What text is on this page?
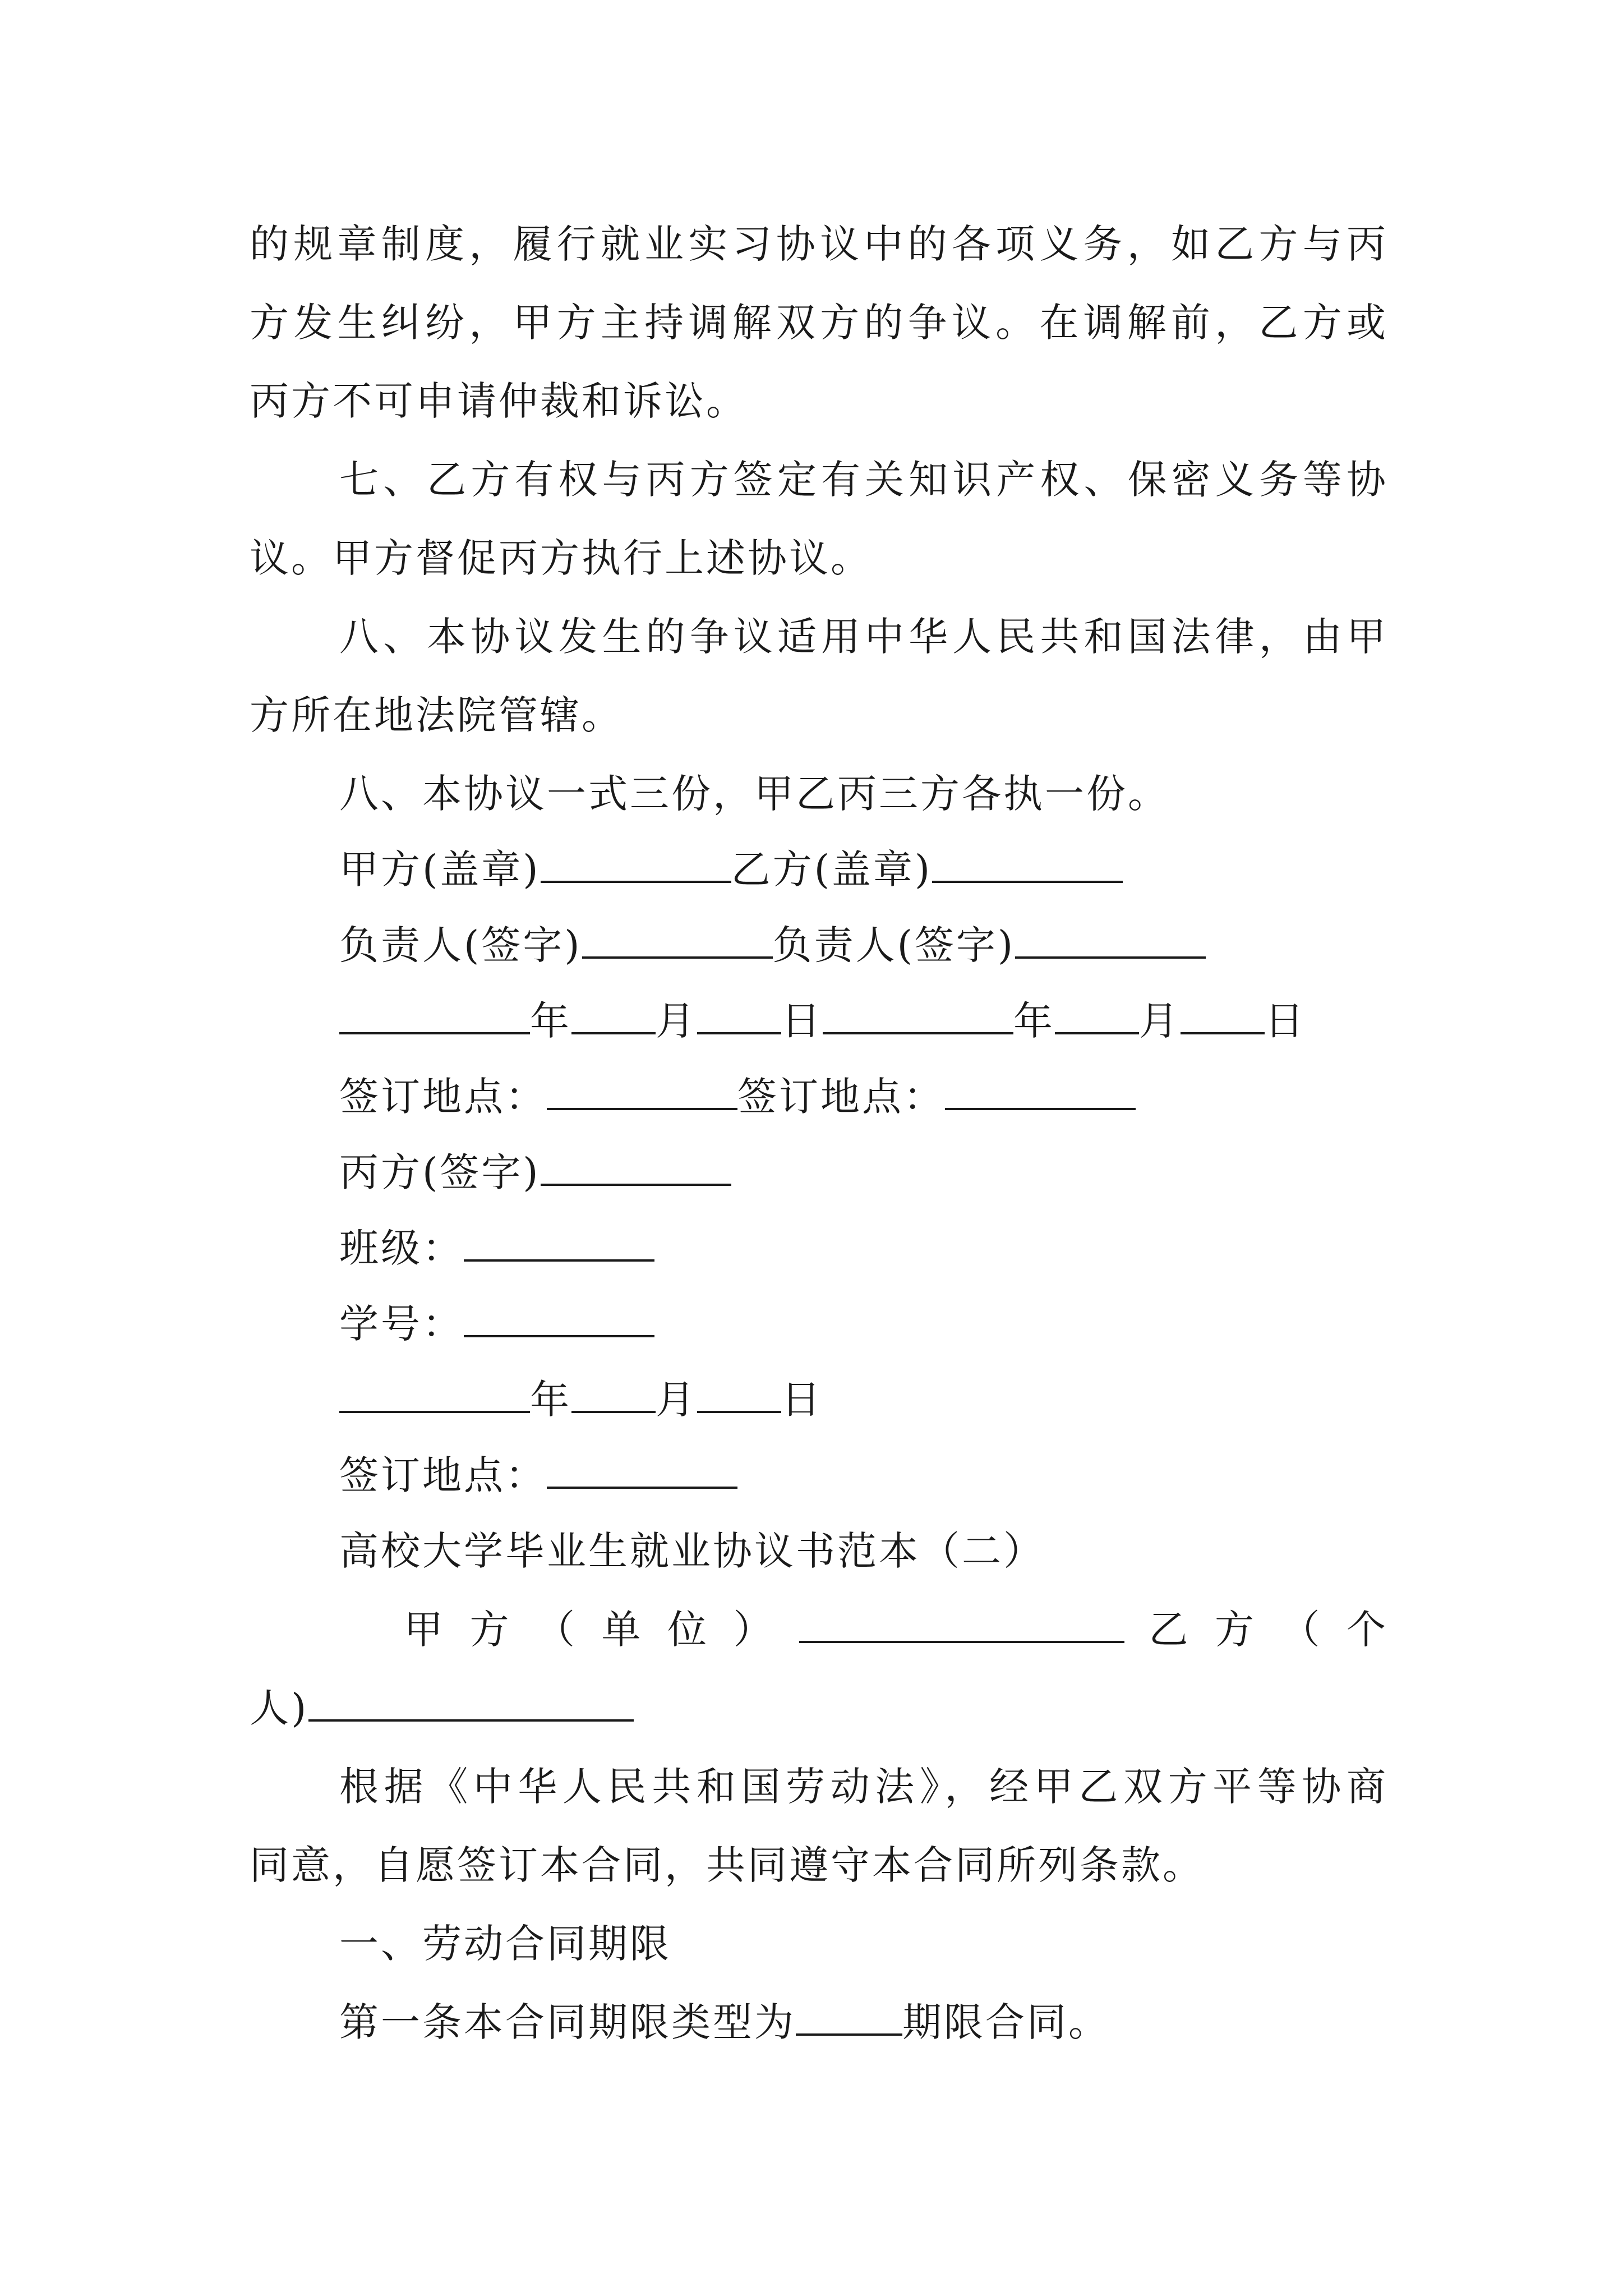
的规章制度，履行就业实习协议中的各项义务，如乙方与丙
方发生纠纷，甲方主持调解双方的争议。在调解前，乙方或
丙方不可申请仲裁和诉讼。
七、乙方有权与丙方签定有关知识产权、保密义务等协
议。甲方督促丙方执行上述协议。
八、本协议发生的争议适用中华人民共和国法律，由甲
方所在地法院管辖。
八、本协议一式三份，甲乙丙三方各执一份。
甲方(盖章)	乙方(盖章)
负责人(签字)	负责人(签字)
年 月 日	年 月 日
签订地点：	签订地点：
丙方(签字)
班级：
学号：
年 月 日
签订地点：
高校大学毕业生就业协议书范本（二）
甲 方 （ 单 位 ）	乙 方 （ 个
人)
根据《中华人民共和国劳动法》，经甲乙双方平等协商
同意，自愿签订本合同，共同遵守本合同所列条款。
一、劳动合同期限
第一条本合同期限类型为	期限合同。
